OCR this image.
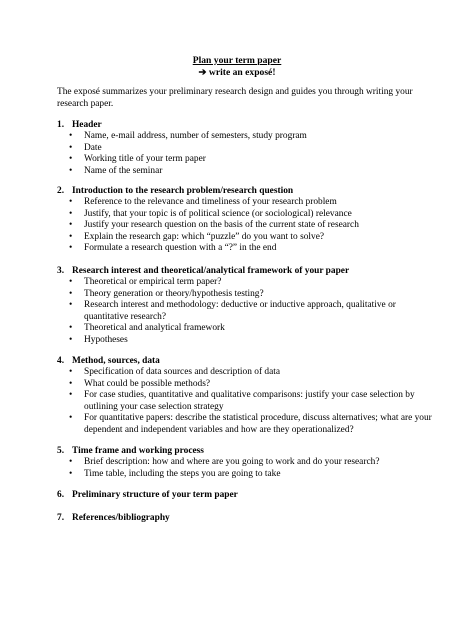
Plan your term paper
➔ write an exposé!
The exposé summarizes your preliminary research design and guides you through writing your research paper.
1. Header
• Name, e-mail address, number of semesters, study program
• Date
• Working title of your term paper
• Name of the seminar
2. Introduction to the research problem/research question
• Reference to the relevance and timeliness of your research problem
• Justify, that your topic is of political science (or sociological) relevance
• Justify your research question on the basis of the current state of research
• Explain the research gap: which “puzzle” do you want to solve?
• Formulate a research question with a “?” in the end
3. Research interest and theoretical/analytical framework of your paper
• Theoretical or empirical term paper?
• Theory generation or theory/hypothesis testing?
• Research interest and methodology: deductive or inductive approach, qualitative or quantitative research?
• Theoretical and analytical framework
• Hypotheses
4. Method, sources, data
• Specification of data sources and description of data
• What could be possible methods?
• For case studies, quantitative and qualitative comparisons: justify your case selection by outlining your case selection strategy
• For quantitative papers: describe the statistical procedure, discuss alternatives; what are your dependent and independent variables and how are they operationalized?
5. Time frame and working process
• Brief description: how and where are you going to work and do your research?
• Time table, including the steps you are going to take
6. Preliminary structure of your term paper
7. References/bibliography
